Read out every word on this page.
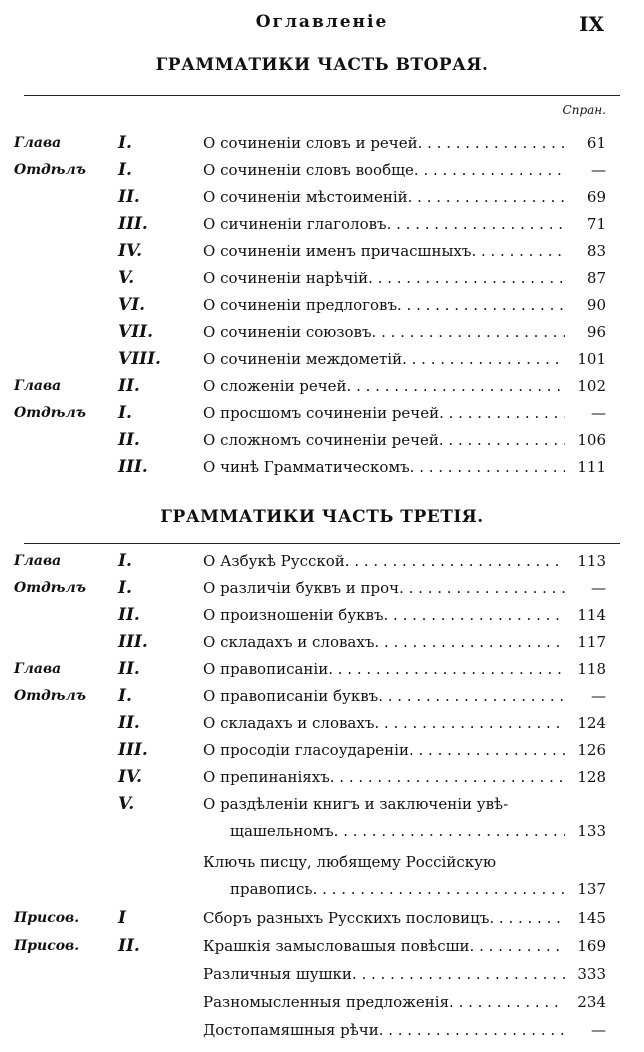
Оглавленіе	IX
ГРАММАТИКИ ЧАСТЬ ВТОРАЯ.
Спран.
Глава	I.	О сочиненіи словъ и речей. . .	61
Отдѣлъ	I.	О сочиненіи словъ вообще. . .	—
II.	О сочиненіи мѣстоименій. . .	69
III.	О сичиненіи глаголовъ. . .	71
IV.	О сочиненіи именъ причасшныхъ. . .	83
V.	О сочиненіи нарѣчій. . .	87
VI.	О сочиненіи предлоговъ. . .	90
VII.	О сочиненіи союзовъ. . .	96
VIII.	О сочиненіи междометій. . .	101
Глава	II.	О сложеніи речей. . .	102
Отдѣлъ	I.	О просшомъ сочиненіи речей. . .	—
II.	О сложномъ сочиненіи речей. . .	106
III.	О чинѣ Грамматическомъ. . .	111
ГРАММАТИКИ ЧАСТЬ ТРЕТІЯ.
Глава	I.	О Азбукѣ Русской. . .	113
Отдѣлъ	I.	О различіи буквъ и проч. . .	—
II.	О произношеніи буквъ. . .	114
III.	О складахъ и словахъ. . .	117
Глава	II.	О правописаніи. . .	118
Отдѣлъ	I.	О правописаніи буквъ. . .	—
II.	О складахъ и словахъ. . .	124
III.	О просодіи гласоудареніи. . .	126
IV.	О препинаніяхъ. . .	128
V.	О раздѣленіи книгъ и заключеніи увѣ-
щашельномъ. . .	133
Ключь писцу, любящему Россійскую
правопись. . .	137
Присов.	I	Сборъ разныхъ Русскихъ пословицъ. . .	145
Присов.	II.	Крашкія замысловашыя повѣсши. . .	169
Различныя шушки. . .	333
Разномысленныя предложенія. . .	234
Достопамяшныя рѣчи. . .	—
